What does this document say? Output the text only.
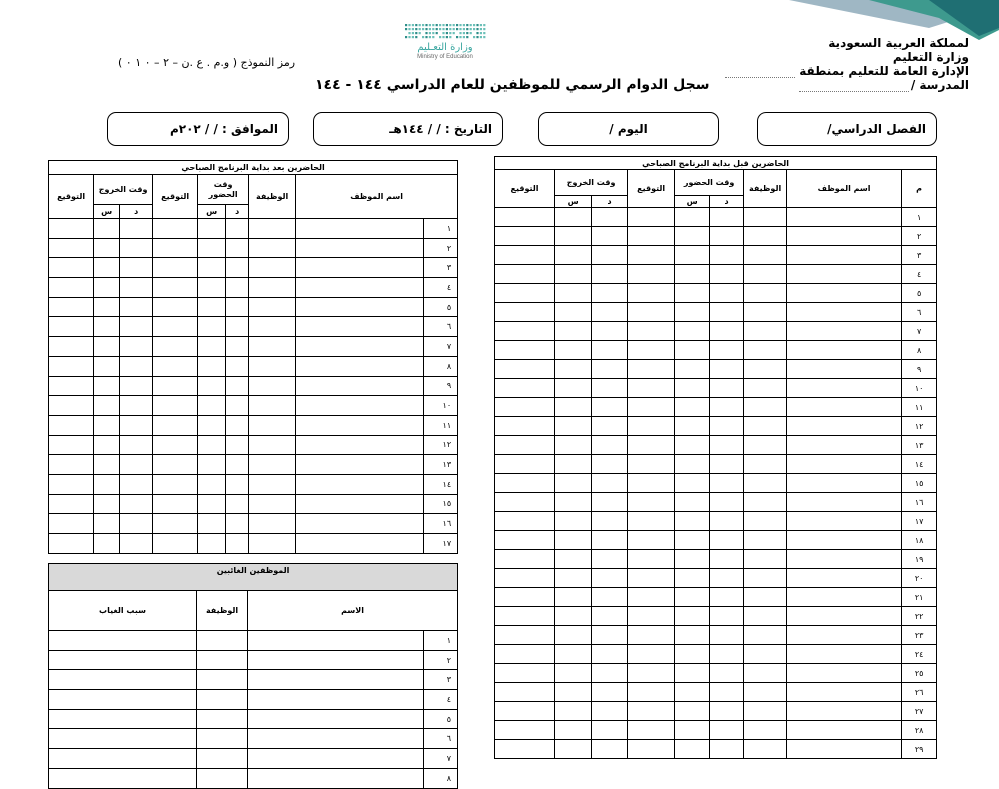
لمملكة العربية السعودية
وزارة التعليم
الإدارة العامة للتعليم بمنطقة
المدرسة /
وزارة التعـليم
Ministry of Education
رمز النموذج ( و.م . ع .ن – ٢ – ٠ ١ ٠ )
سجل الدوام الرسمي للموظفين للعام الدراسي ١٤٤ - ١٤٤
الفصل الدراسي/
اليوم /
التاريخ : / / ١٤٤هـ
الموافق : / / ٢٠٢م
الحاضرين قبل بداية البرنامج الصباحي								
م	اسم الموظف	الوظيفة	وقت الحضور		التوقيع	وقت الخروج		التوقيع

			د	س		د	س	
١								
٢								
٣								
٤								
٥								
٦								
٧								
٨								
٩								
١٠								
١١								
١٢								
١٣								
١٤								
١٥								
١٦								
١٧								
١٨								
١٩								
٢٠								
٢١								
٢٢								
٢٣								
٢٤								
٢٥								
٢٦								
٢٧								
٢٨								
٢٩								
الحاضرين بعد بداية البرنامج الصباحي								
اسم الموظف		الوظيفة	وقت الحضور		التوقيع	وقت الخروج		التوقيع
			د	س		د	س	
١								
٢								
٣								
٤								
٥								
٦								
٧								
٨								
٩								
١٠								
١١								
١٢								
١٣								
١٤								
١٥								
١٦								
١٧								
الموظفين الغائبين			
الاسم		الوظيفة	سبب الغياب
١			
٢			
٣			
٤			
٥			
٦			
٧			
٨			
